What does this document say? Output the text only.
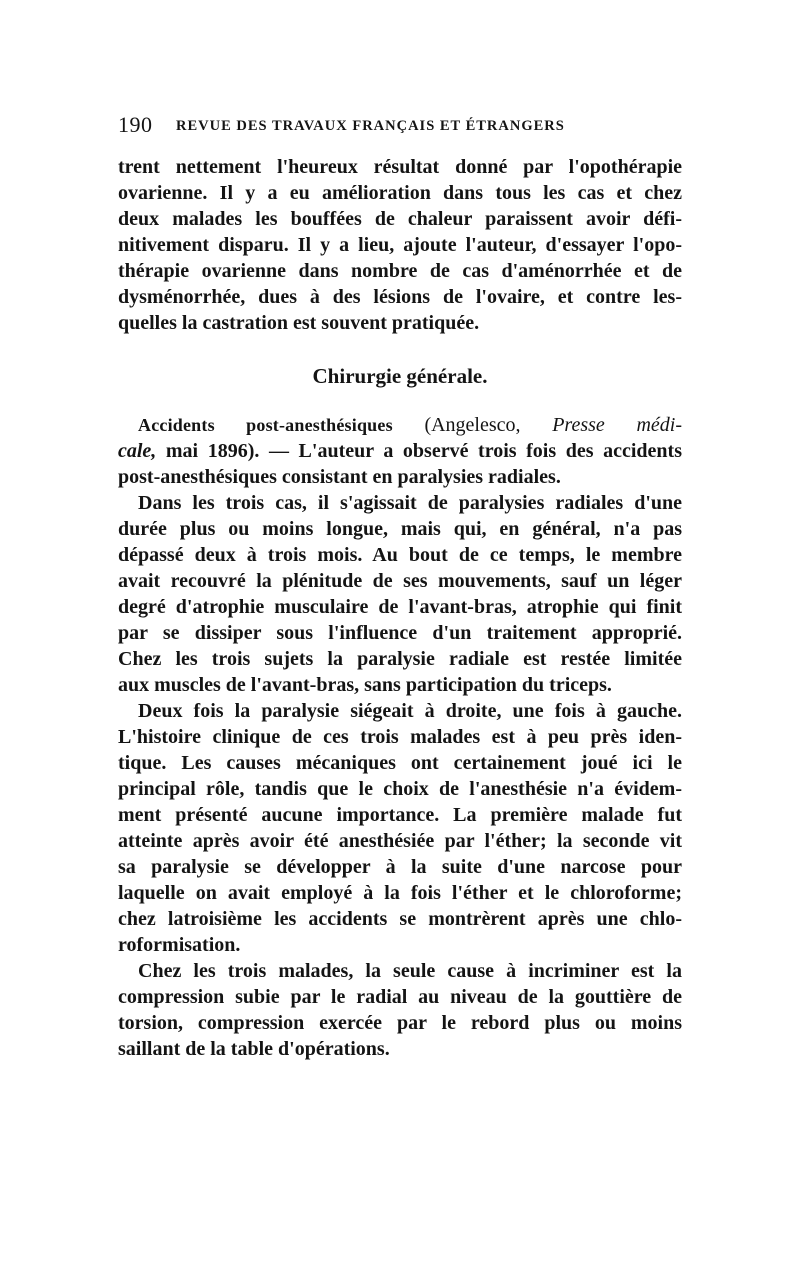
190 REVUE DES TRAVAUX FRANÇAIS ET ÉTRANGERS
trent nettement l'heureux résultat donné par l'opothérapie
ovarienne. Il y a eu amélioration dans tous les cas et chez
deux malades les bouffées de chaleur paraissent avoir défi-
nitivement disparu. Il y a lieu, ajoute l'auteur, d'essayer l'opo-
thérapie ovarienne dans nombre de cas d'aménorrhée et de
dysménorrhée, dues à des lésions de l'ovaire, et contre les-
quelles la castration est souvent pratiquée.
Chirurgie générale.
Accidents post-anesthésiques (Angelesco, Presse médi-
cale, mai 1896). — L'auteur a observé trois fois des accidents
post-anesthésiques consistant en paralysies radiales.
Dans les trois cas, il s'agissait de paralysies radiales d'une
durée plus ou moins longue, mais qui, en général, n'a pas
dépassé deux à trois mois. Au bout de ce temps, le membre
avait recouvré la plénitude de ses mouvements, sauf un léger
degré d'atrophie musculaire de l'avant-bras, atrophie qui finit
par se dissiper sous l'influence d'un traitement approprié.
Chez les trois sujets la paralysie radiale est restée limitée
aux muscles de l'avant-bras, sans participation du triceps.
Deux fois la paralysie siégeait à droite, une fois à gauche.
L'histoire clinique de ces trois malades est à peu près iden-
tique. Les causes mécaniques ont certainement joué ici le
principal rôle, tandis que le choix de l'anesthésie n'a évidem-
ment présenté aucune importance. La première malade fut
atteinte après avoir été anesthésiée par l'éther; la seconde vit
sa paralysie se développer à la suite d'une narcose pour
laquelle on avait employé à la fois l'éther et le chloroforme;
chez latroisième les accidents se montrèrent après une chlo-
roformisation.
Chez les trois malades, la seule cause à incriminer est la
compression subie par le radial au niveau de la gouttière de
torsion, compression exercée par le rebord plus ou moins
saillant de la table d'opérations.
